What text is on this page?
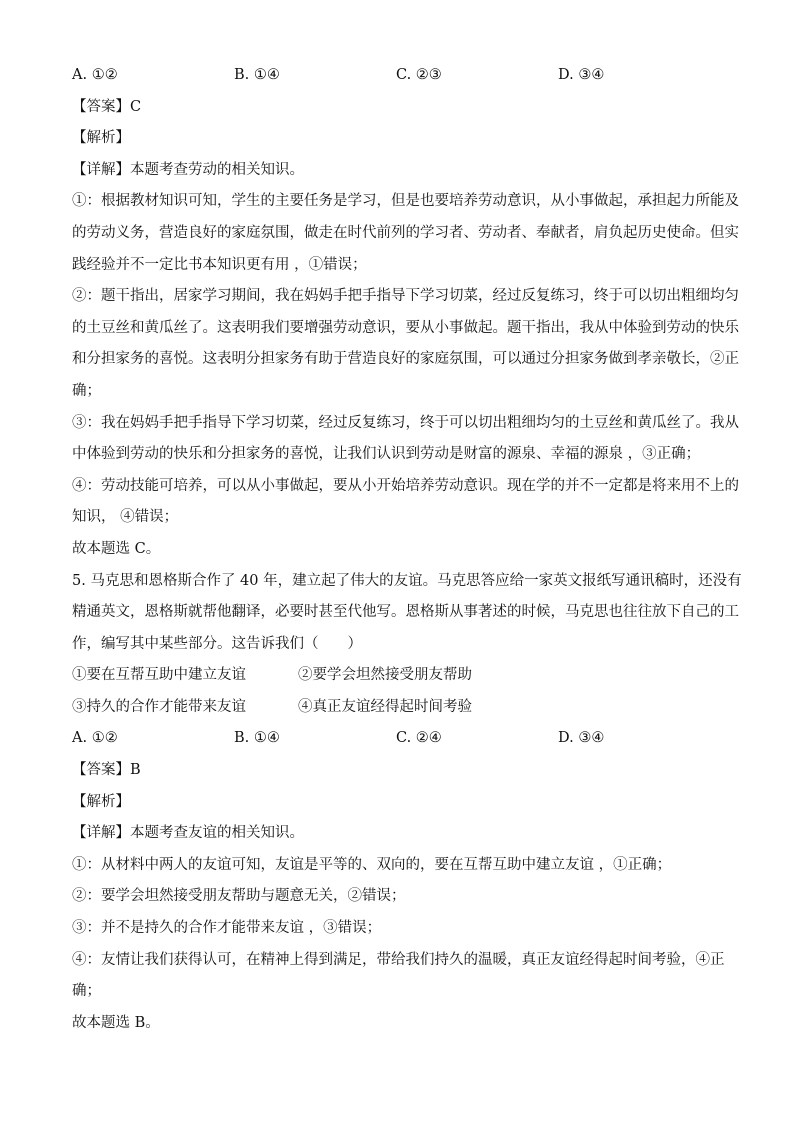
A. ①②	B. ①④	C. ②③	D. ③④
【答案】C
【解析】
【详解】本题考查劳动的相关知识。
①：根据教材知识可知，学生的主要任务是学习，但是也要培养劳动意识，从小事做起，承担起力所能及
的劳动义务，营造良好的家庭氛围，做走在时代前列的学习者、劳动者、奉献者，肩负起历史使命。但实
践经验并不一定比书本知识更有用 ，①错误；
②：题干指出，居家学习期间，我在妈妈手把手指导下学习切菜，经过反复练习，终于可以切出粗细均匀
的土豆丝和黄瓜丝了。这表明我们要增强劳动意识，要从小事做起。题干指出，我从中体验到劳动的快乐
和分担家务的喜悦。这表明分担家务有助于营造良好的家庭氛围，可以通过分担家务做到孝亲敬长，②正
确；
③：我在妈妈手把手指导下学习切菜，经过反复练习，终于可以切出粗细均匀的土豆丝和黄瓜丝了。我从
中体验到劳动的快乐和分担家务的喜悦，让我们认识到劳动是财富的源泉、幸福的源泉 ，③正确；
④：劳动技能可培养，可以从小事做起，要从小开始培养劳动意识。现在学的并不一定都是将来用不上的
知识， ④错误；
故本题选 C。
5. 马克思和恩格斯合作了 40 年，建立起了伟大的友谊。马克思答应给一家英文报纸写通讯稿时，还没有
精通英文，恩格斯就帮他翻译，必要时甚至代他写。恩格斯从事著述的时候，马克思也往往放下自己的工
作，编写其中某些部分。这告诉我们（　　）
①要在互帮互助中建立友谊	②要学会坦然接受朋友帮助
③持久的合作才能带来友谊	④真正友谊经得起时间考验
A. ①②	B. ①④	C. ②④	D. ③④
【答案】B
【解析】
【详解】本题考查友谊的相关知识。
①：从材料中两人的友谊可知，友谊是平等的、双向的，要在互帮互助中建立友谊 ，①正确；
②：要学会坦然接受朋友帮助与题意无关，②错误；
③：并不是持久的合作才能带来友谊 ，③错误；
④：友情让我们获得认可，在精神上得到满足，带给我们持久的温暖，真正友谊经得起时间考验，④正
确；
故本题选 B。
